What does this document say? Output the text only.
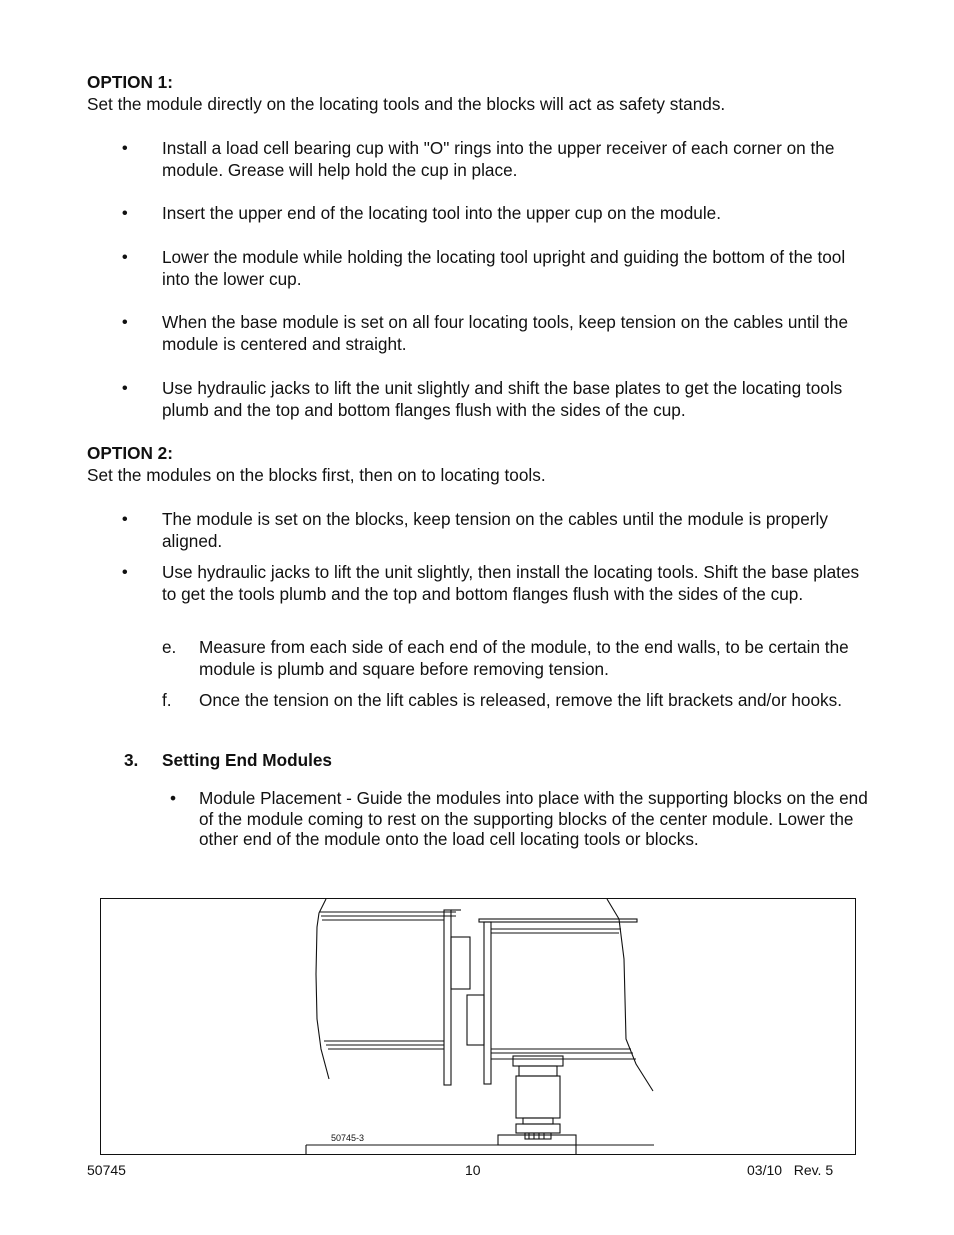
OPTION 1:
Set the module directly on the locating tools and the blocks will act as safety stands.
• Install a load cell bearing cup with "O" rings into the upper receiver of each corner on the module. Grease will help hold the cup in place.
• Insert the upper end of the locating tool into the upper cup on the module.
• Lower the module while holding the locating tool upright and guiding the bottom of the tool into the lower cup.
• When the base module is set on all four locating tools, keep tension on the cables until the module is centered and straight.
• Use hydraulic jacks to lift the unit slightly and shift the base plates to get the locating tools plumb and the top and bottom flanges flush with the sides of the cup.
OPTION 2:
Set the modules on the blocks first, then on to locating tools.
• The module is set on the blocks, keep tension on the cables until the module is properly aligned.
• Use hydraulic jacks to lift the unit slightly, then install the locating tools. Shift the base plates to get the tools plumb and the top and bottom flanges flush with the sides of the cup.
e. Measure from each side of each end of the module, to the end walls, to be certain the module is plumb and square before removing tension.
f. Once the tension on the lift cables is released, remove the lift brackets and/or hooks.
3. Setting End Modules
• Module Placement - Guide the modules into place with the supporting blocks on the end of the module coming to rest on the supporting blocks of the center module. Lower the other end of the module onto the load cell locating tools or blocks.
50745-3
50745	10	03/10   Rev. 5
